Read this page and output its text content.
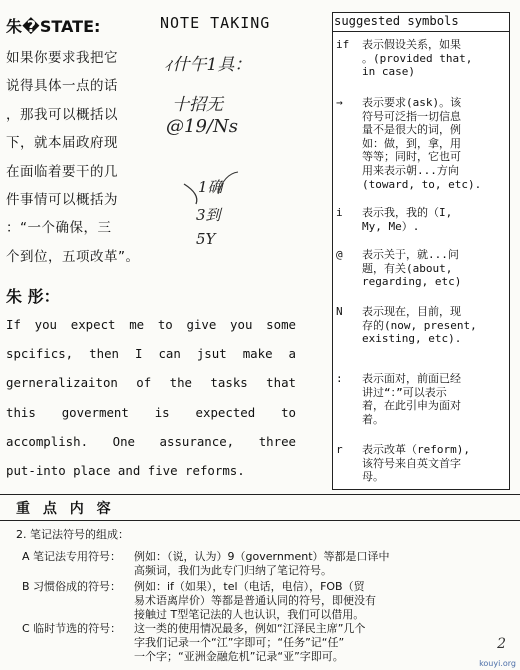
朱�STATE:
如果你要求我把它
说得具体一点的话
，那我可以概括以
下，就本届政府现
在面临着要干的几
件事情可以概括为
：“一个确保，三
个到位，五项改革”。
NOTE TAKING
ｨ什午1具：
十招无
@19/Ns
1确
3到
5Y
朱 彤：
If you expect me to give you some
spcifics, then I can jsut make a
gerneralizaiton of the tasks that
this goverment is expected to
accomplish. One assurance, three
put-into place and five reforms.
suggested symbols
if	表示假设关系，如果
。(provided that,
in case)
→	表示要求(ask)。该
符号可泛指一切信息
量不是很大的词，例
如：做，到，拿，用
等等；同时，它也可
用来表示朝...方向
(toward, to, etc).
i	表示我，我的（I,
My, Me）.
@	表示关于，就...问
题，有关(about,
regarding, etc)
N	表示现在，目前，现
存的(now, present,
existing, etc).
:	表示面对，前面已经
讲过“：”可以表示
着，在此引申为面对
着。
r	表示改革（reform),
该符号来自英文首字
母。
重 点 内 容
2. 笔记法符号的组成：
A 笔记法专用符号： 例如：（说，认为）9（government）等都是口译中
高频词，我们为此专门归纳了笔记符号。
B 习惯俗成的符号： 例如：if（如果），tel（电话，电信），FOB（贸
易术语离岸价）等都是普通认同的符号，即便没有
接触过 T型笔记法的人也认识，我们可以借用。
C 临时节选的符号： 这一类的使用情况最多，例如“江泽民主席”几个
字我们记录一个“江”字即可；“任务”记“任”
一个字；“亚洲金融危机”记录“亚”字即可。
2
kouyi.org
